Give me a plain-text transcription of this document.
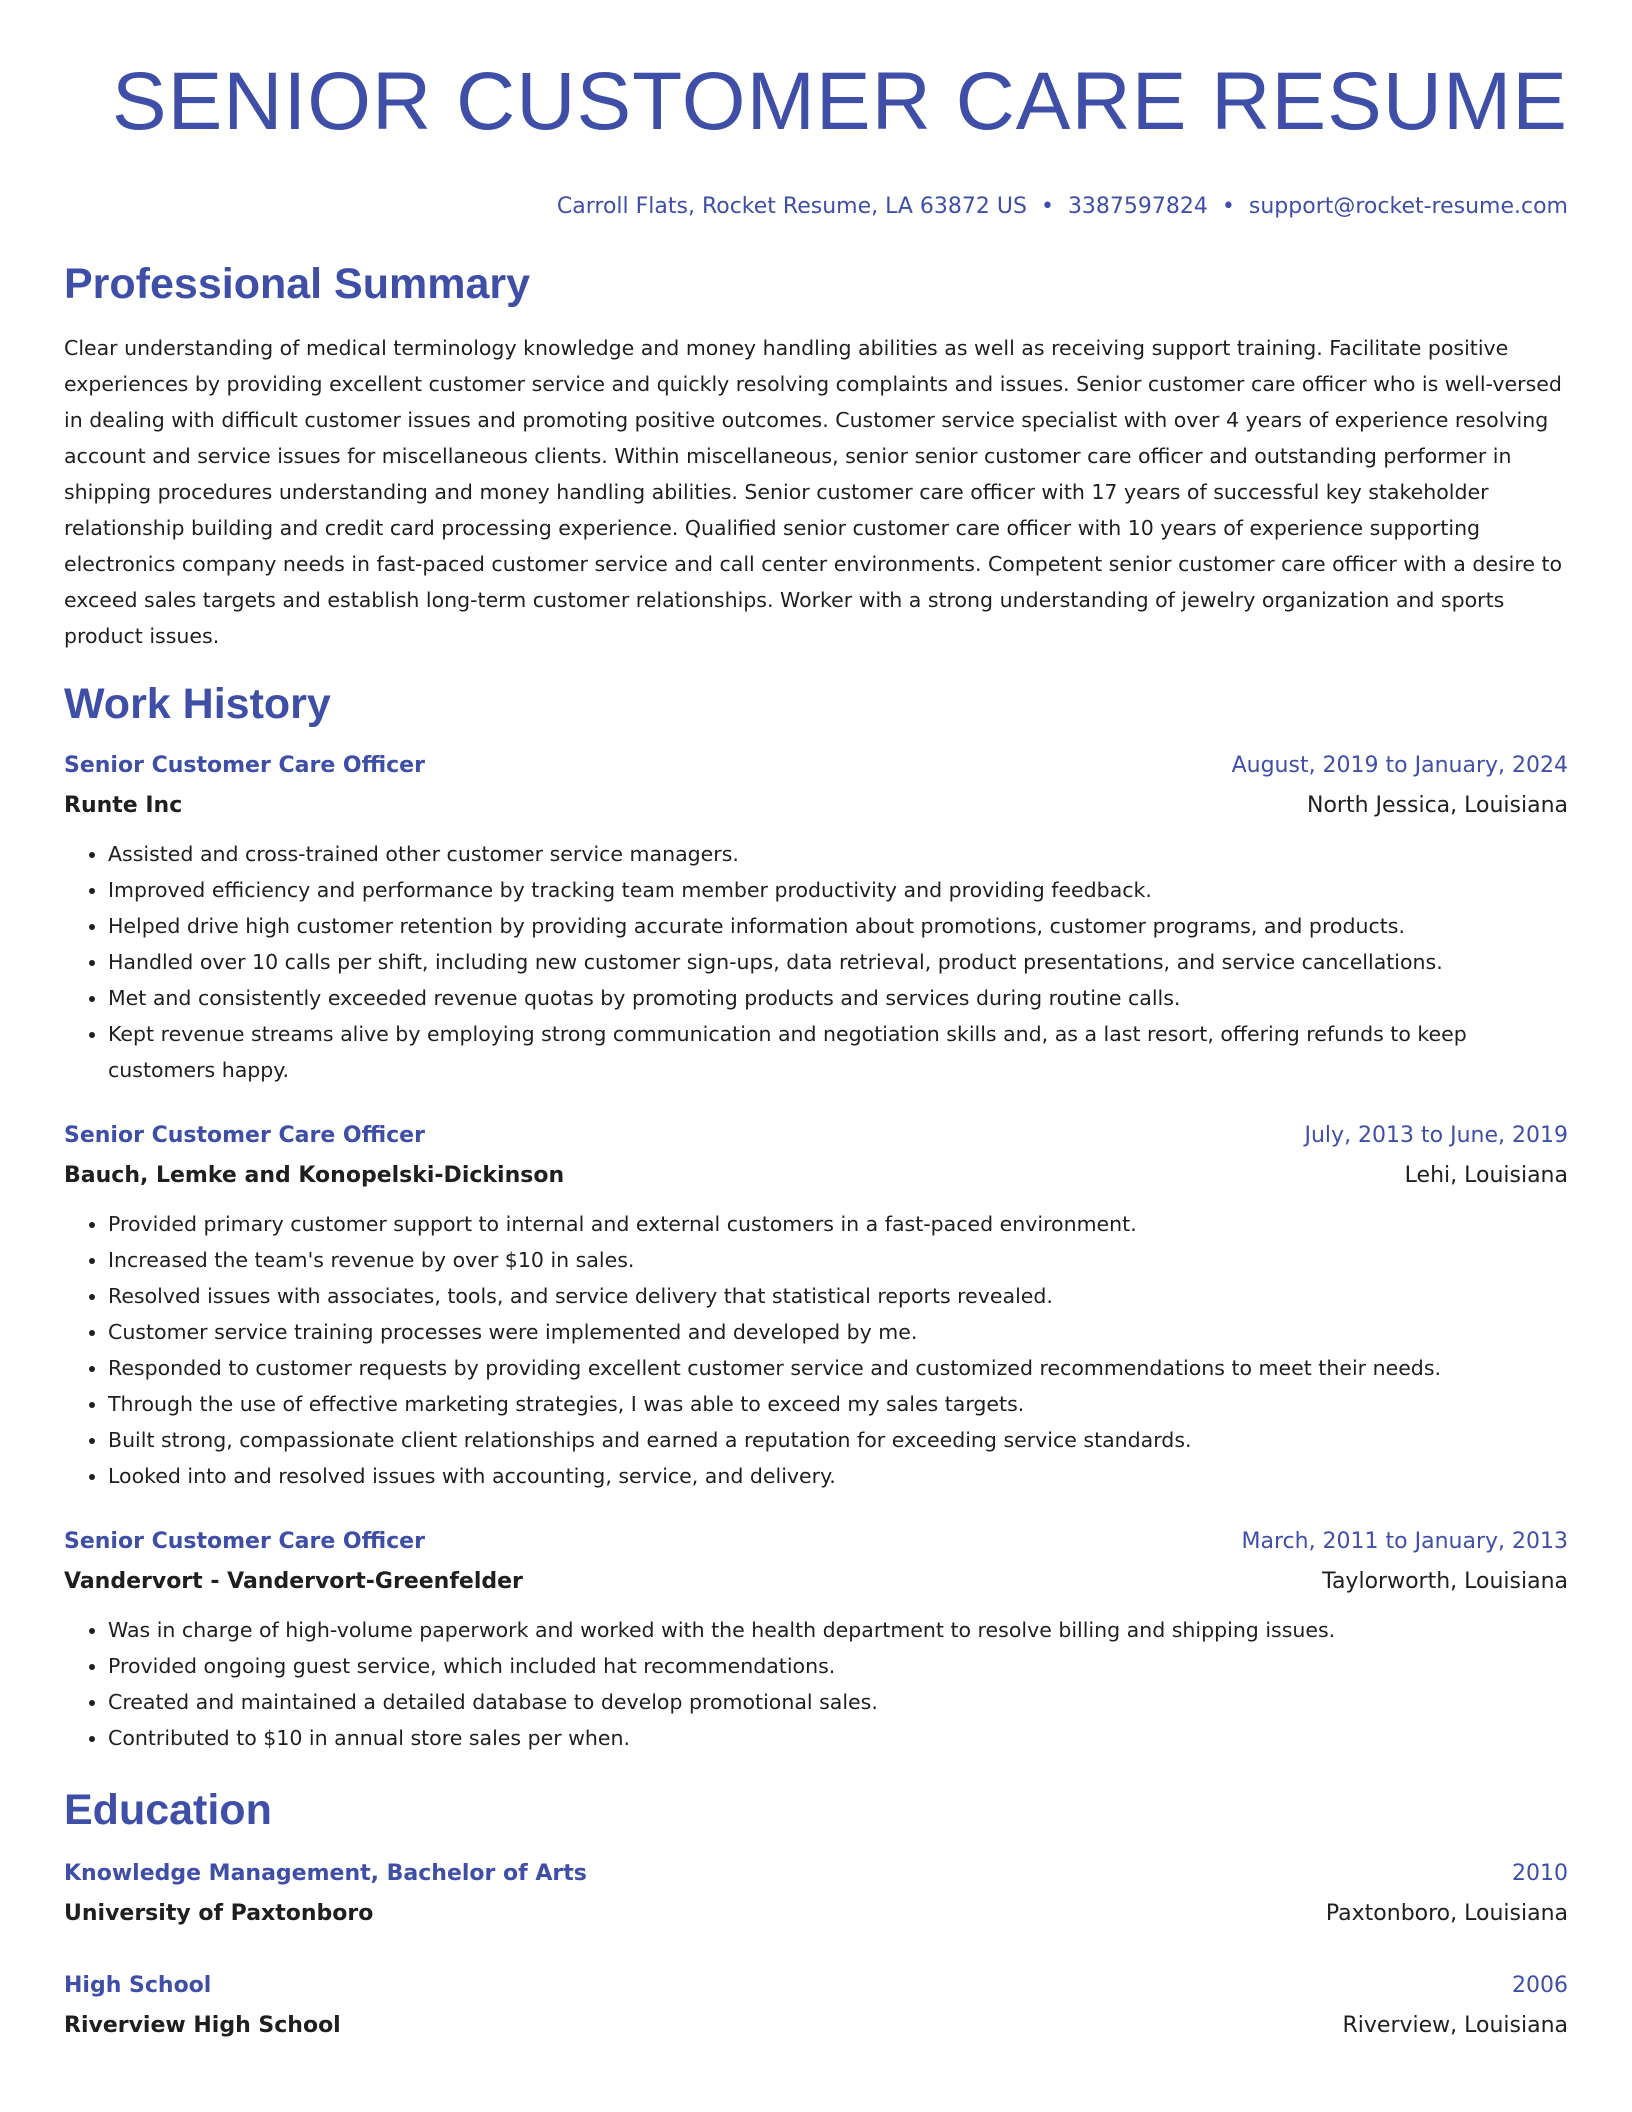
SENIOR CUSTOMER CARE RESUME
Carroll Flats, Rocket Resume, LA 63872 US • 3387597824 • support@rocket-resume.com
Professional Summary

Clear understanding of medical terminology knowledge and money handling abilities as well as receiving support training. Facilitate positive experiences by providing excellent customer service and quickly resolving complaints and issues. Senior customer care officer who is well-versed in dealing with difficult customer issues and promoting positive outcomes. Customer service specialist with over 4 years of experience resolving account and service issues for miscellaneous clients. Within miscellaneous, senior senior customer care officer and outstanding performer in shipping procedures understanding and money handling abilities. Senior customer care officer with 17 years of successful key stakeholder relationship building and credit card processing experience. Qualified senior customer care officer with 10 years of experience supporting electronics company needs in fast-paced customer service and call center environments. Competent senior customer care officer with a desire to exceed sales targets and establish long-term customer relationships. Worker with a strong understanding of jewelry organization and sports product issues.

Work History
Senior Customer Care Officer	August, 2019 to January, 2024
Runte Inc	North Jessica, Louisiana
• Assisted and cross-trained other customer service managers.
• Improved efficiency and performance by tracking team member productivity and providing feedback.
• Helped drive high customer retention by providing accurate information about promotions, customer programs, and products.
• Handled over 10 calls per shift, including new customer sign-ups, data retrieval, product presentations, and service cancellations.
• Met and consistently exceeded revenue quotas by promoting products and services during routine calls.
• Kept revenue streams alive by employing strong communication and negotiation skills and, as a last resort, offering refunds to keep customers happy.
Senior Customer Care Officer	July, 2013 to June, 2019
Bauch, Lemke and Konopelski-Dickinson	Lehi, Louisiana
• Provided primary customer support to internal and external customers in a fast-paced environment.
• Increased the team's revenue by over $10 in sales.
• Resolved issues with associates, tools, and service delivery that statistical reports revealed.
• Customer service training processes were implemented and developed by me.
• Responded to customer requests by providing excellent customer service and customized recommendations to meet their needs.
• Through the use of effective marketing strategies, I was able to exceed my sales targets.
• Built strong, compassionate client relationships and earned a reputation for exceeding service standards.
• Looked into and resolved issues with accounting, service, and delivery.
Senior Customer Care Officer	March, 2011 to January, 2013
Vandervort - Vandervort-Greenfelder	Taylorworth, Louisiana
• Was in charge of high-volume paperwork and worked with the health department to resolve billing and shipping issues.
• Provided ongoing guest service, which included hat recommendations.
• Created and maintained a detailed database to develop promotional sales.
• Contributed to $10 in annual store sales per when.
Education
Knowledge Management, Bachelor of Arts	2010
University of Paxtonboro	Paxtonboro, Louisiana
High School	2006
Riverview High School	Riverview, Louisiana
